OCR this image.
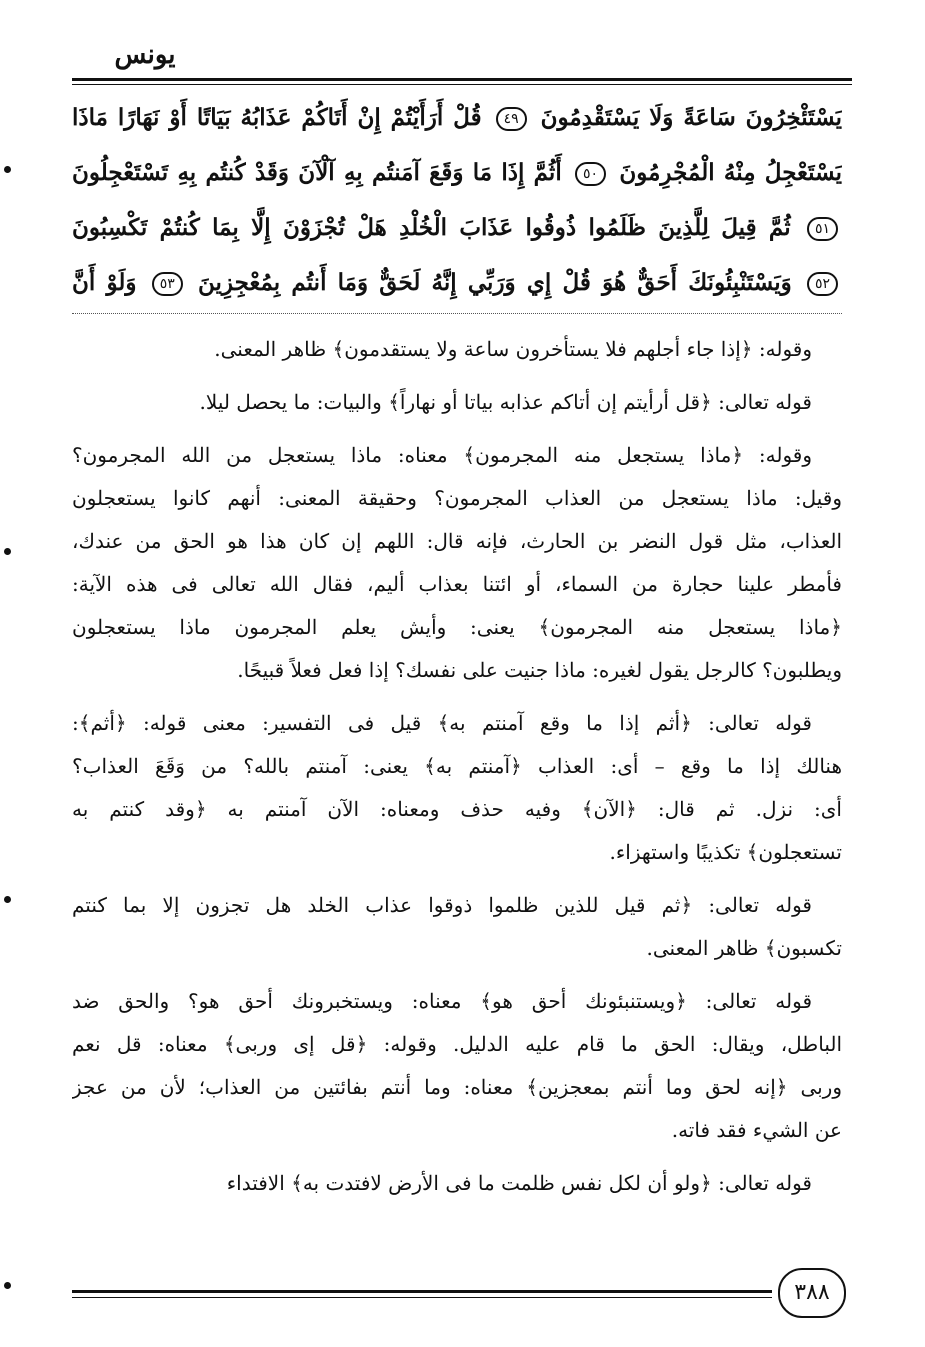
يونس
يَسْتَئْخِرُونَ سَاعَةً وَلَا يَسْتَقْدِمُونَ ٤٩ قُلْ أَرَأَيْتُمْ إِنْ أَتَاكُمْ عَذَابُهُ بَيَاتًا أَوْ نَهَارًا مَاذَا
يَسْتَعْجِلُ مِنْهُ الْمُجْرِمُونَ ٥٠ أَثُمَّ إِذَا مَا وَقَعَ آمَنتُم بِهِ آلْآنَ وَقَدْ كُنتُم بِهِ تَسْتَعْجِلُونَ
٥١ ثُمَّ قِيلَ لِلَّذِينَ ظَلَمُوا ذُوقُوا عَذَابَ الْخُلْدِ هَلْ تُجْزَوْنَ إِلَّا بِمَا كُنتُمْ تَكْسِبُونَ
٥٢ وَيَسْتَنْبِئُونَكَ أَحَقٌّ هُوَ قُلْ إِي وَرَبِّي إِنَّهُ لَحَقٌّ وَمَا أَنتُم بِمُعْجِزِينَ ٥٣ وَلَوْ أَنَّ
وقوله: ﴿إذا جاء أجلهم فلا يستأخرون ساعة ولا يستقدمون﴾ ظاهر المعنى.
قوله تعالى: ﴿قل أرأيتم إن أتاكم عذابه بياتا أو نهاراً﴾ والبيات: ما يحصل ليلا.
وقوله: ﴿ماذا يستجعل منه المجرمون﴾ معناه: ماذا يستعجل من الله المجرمون؟
وقيل: ماذا يستعجل من العذاب المجرمون؟ وحقيقة المعنى: أنهم كانوا يستعجلون
العذاب، مثل قول النضر بن الحارث، فإنه قال: اللهم إن كان هذا هو الحق من عندك،
فأمطر علينا حجارة من السماء، أو ائتنا بعذاب أليم، فقال الله تعالى فى هذه الآية:
﴿ماذا يستعجل منه المجرمون﴾ يعنى: وأيش يعلم المجرمون ماذا يستعجلون
ويطلبون؟ كالرجل يقول لغيره: ماذا جنيت على نفسك؟ إذا فعل فعلاً قبيحًا.
قوله تعالى: ﴿أثم إذا ما وقع آمنتم به﴾ قيل فى التفسير: معنى قوله: ﴿أثم﴾:
هنالك إذا ما وقع – أى: العذاب ﴿آمنتم به﴾ يعنى: آمنتم بالله؟ من وَقَعَ العذاب؟
أى: نزل. ثم قال: ﴿الآن﴾ وفيه حذف ومعناه: الآن آمنتم به ﴿وقد كنتم به
تستعجلون﴾ تكذيبًا واستهزاء.
قوله تعالى: ﴿ثم قيل للذين ظلموا ذوقوا عذاب الخلد هل تجزون إلا بما كنتم
تكسبون﴾ ظاهر المعنى.
قوله تعالى: ﴿ويستنبئونك أحق هو﴾ معناه: ويستخبرونك أحق هو؟ والحق ضد
الباطل، ويقال: الحق ما قام عليه الدليل. وقوله: ﴿قل إى وربى﴾ معناه: قل نعم
وربى ﴿إنه لحق وما أنتم بمعجزين﴾ معناه: وما أنتم بفائتين من العذاب؛ لأن من عجز
عن الشيء فقد فاته.
قوله تعالى: ﴿ولو أن لكل نفس ظلمت ما فى الأرض لافتدت به﴾ الافتداء
٣٨٨
